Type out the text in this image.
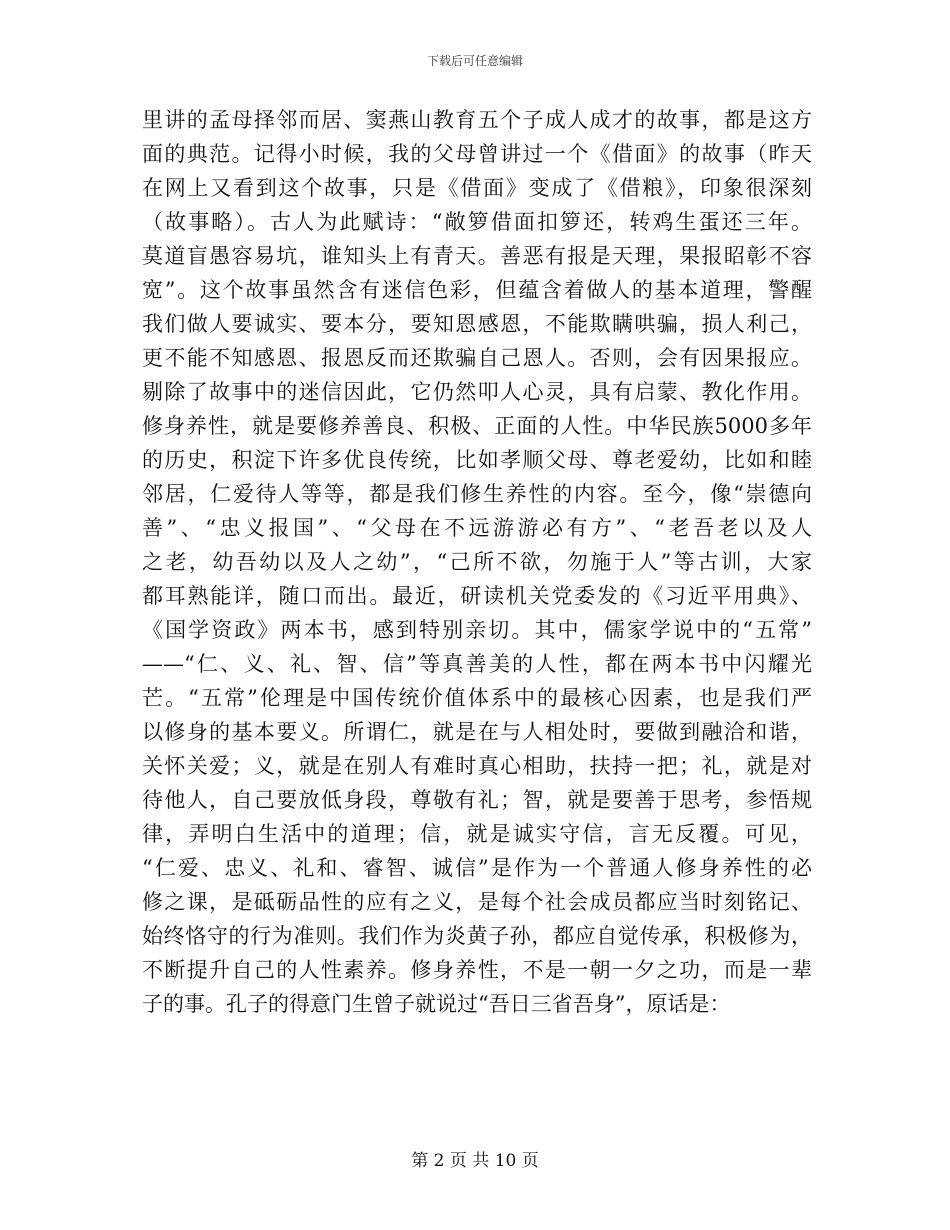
下载后可任意编辑
里讲的孟母择邻而居、窦燕山教育五个子成人成才的故事，都是这方
面的典范。记得小时候，我的父母曾讲过一个《借面》的故事（昨天
在网上又看到这个故事，只是《借面》变成了《借粮》，印象很深刻
（故事略）。古人为此赋诗：“敞箩借面扣箩还，转鸡生蛋还三年。
莫道盲愚容易坑，谁知头上有青天。善恶有报是天理，果报昭彰不容
宽”。这个故事虽然含有迷信色彩，但蕴含着做人的基本道理，警醒
我们做人要诚实、要本分，要知恩感恩，不能欺瞒哄骗，损人利己，
更不能不知感恩、报恩反而还欺骗自己恩人。否则，会有因果报应。
剔除了故事中的迷信因此，它仍然叩人心灵，具有启蒙、教化作用。
修身养性，就是要修养善良、积极、正面的人性。中华民族5000多年
的历史，积淀下许多优良传统，比如孝顺父母、尊老爱幼，比如和睦
邻居，仁爱待人等等，都是我们修生养性的内容。至今，像“崇德向
善”、“忠义报国”、“父母在不远游游必有方”、“老吾老以及人
之老，幼吾幼以及人之幼”，“己所不欲，勿施于人”等古训，大家
都耳熟能详，随口而出。最近，研读机关党委发的《习近平用典》、
《国学资政》两本书，感到特别亲切。其中，儒家学说中的“五常”
——“仁、义、礼、智、信”等真善美的人性，都在两本书中闪耀光
芒。“五常”伦理是中国传统价值体系中的最核心因素，也是我们严
以修身的基本要义。所谓仁，就是在与人相处时，要做到融洽和谐，
关怀关爱；义，就是在别人有难时真心相助，扶持一把；礼，就是对
待他人，自己要放低身段，尊敬有礼；智，就是要善于思考，参悟规
律，弄明白生活中的道理；信，就是诚实守信，言无反覆。可见，
“仁爱、忠义、礼和、睿智、诚信”是作为一个普通人修身养性的必
修之课，是砥砺品性的应有之义，是每个社会成员都应当时刻铭记、
始终恪守的行为准则。我们作为炎黄子孙，都应自觉传承，积极修为，
不断提升自己的人性素养。修身养性，不是一朝一夕之功，而是一辈
子的事。孔子的得意门生曾子就说过“吾日三省吾身”，原话是：
第 2 页 共 10 页
